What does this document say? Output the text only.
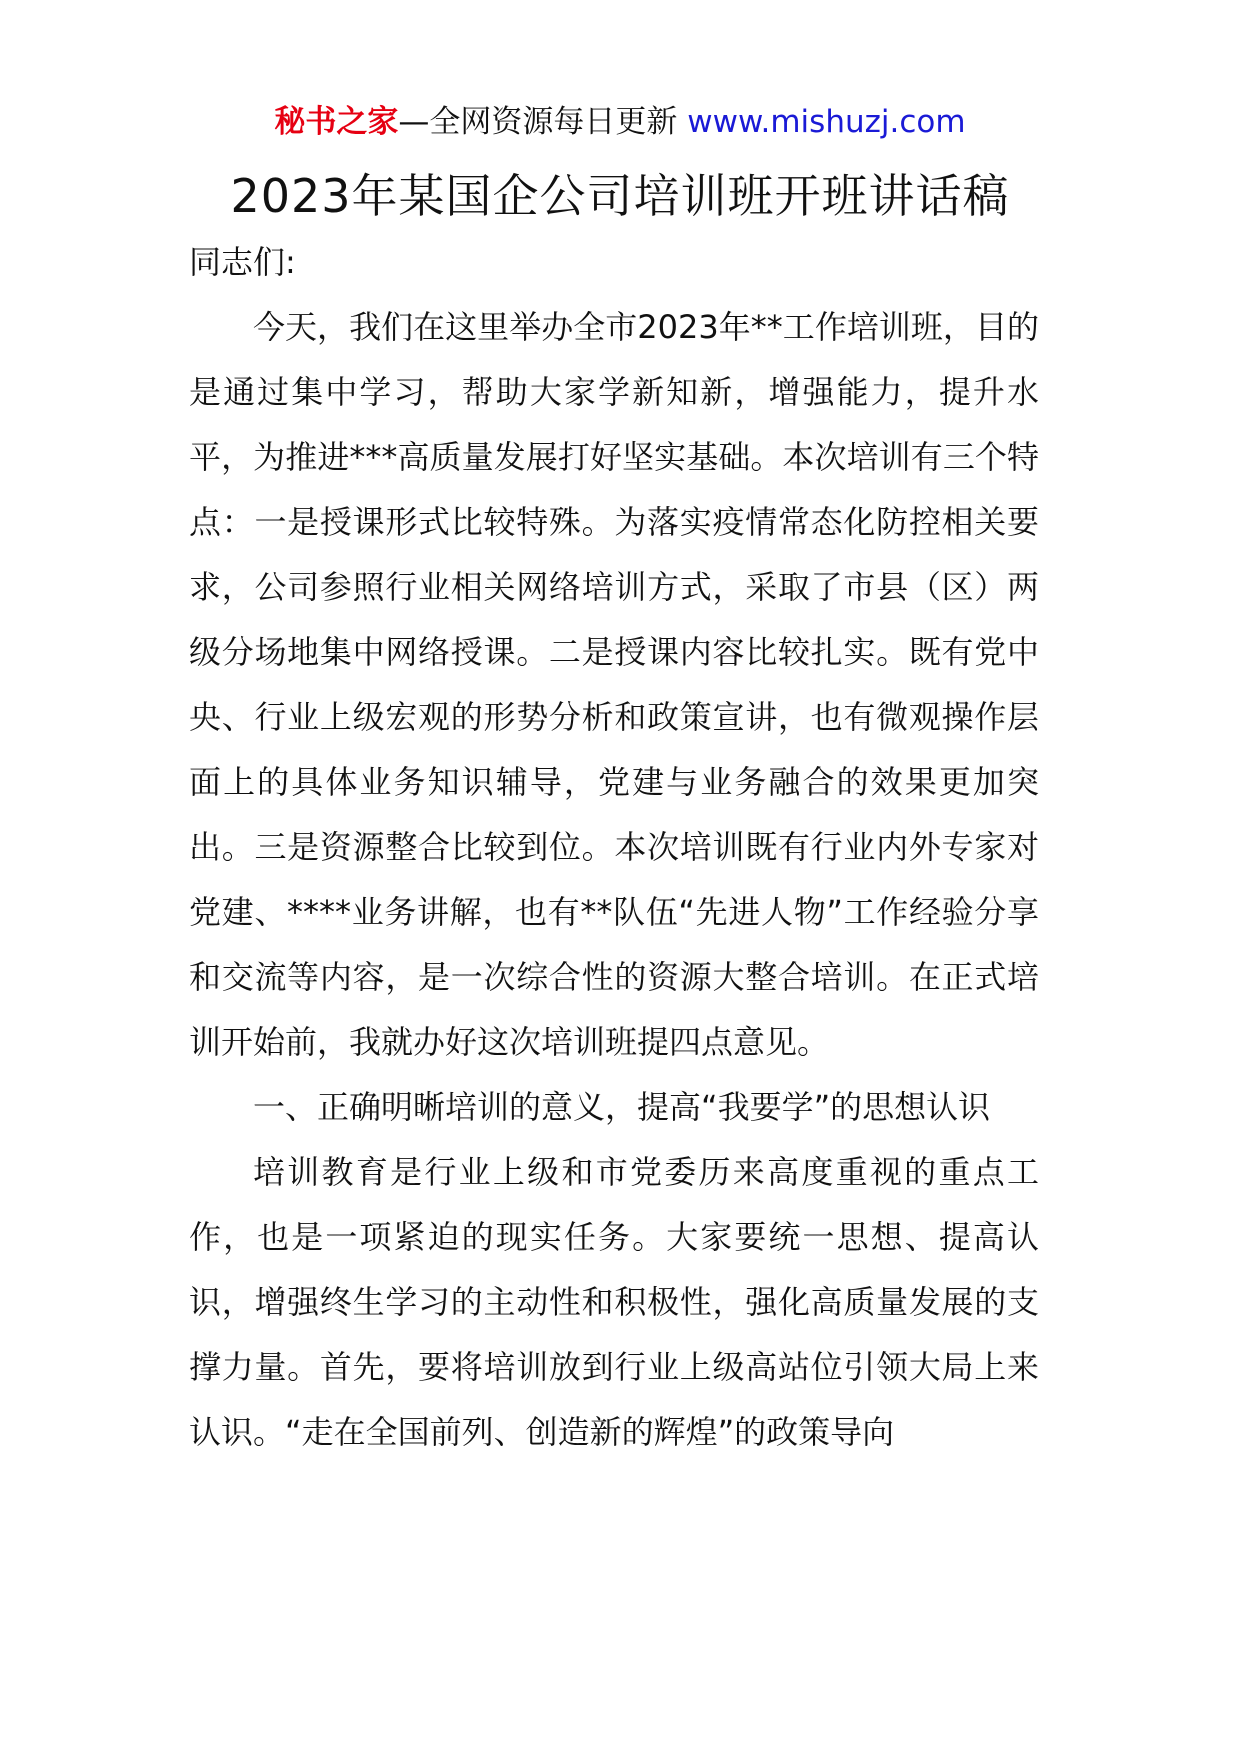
秘书之家—全网资源每日更新 www.mishuzj.com
2023年某国企公司培训班开班讲话稿

同志们:

今天，我们在这里举办全市2023年**工作培训班，目的是通过集中学习，帮助大家学新知新，增强能力，提升水平，为推进***高质量发展打好坚实基础。本次培训有三个特点：一是授课形式比较特殊。为落实疫情常态化防控相关要求，公司参照行业相关网络培训方式，采取了市县（区）两级分场地集中网络授课。二是授课内容比较扎实。既有党中央、行业上级宏观的形势分析和政策宣讲，也有微观操作层面上的具体业务知识辅导，党建与业务融合的效果更加突出。三是资源整合比较到位。本次培训既有行业内外专家对党建、****业务讲解，也有**队伍“先进人物”工作经验分享和交流等内容，是一次综合性的资源大整合培训。在正式培训开始前，我就办好这次培训班提四点意见。

一、正确明晰培训的意义，提高“我要学”的思想认识

培训教育是行业上级和市党委历来高度重视的重点工作，也是一项紧迫的现实任务。大家要统一思想、提高认识，增强终生学习的主动性和积极性，强化高质量发展的支撑力量。首先，要将培训放到行业上级高站位引领大局上来认识。“走在全国前列、创造新的辉煌”的政策导向
